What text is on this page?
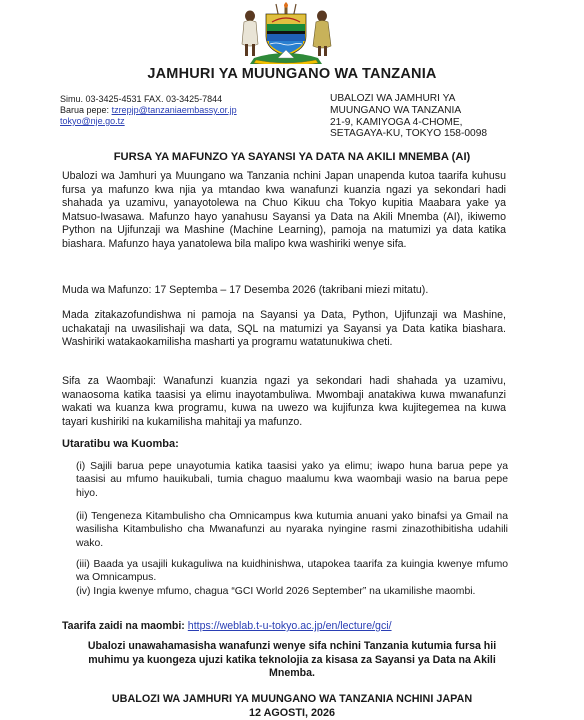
JAMHURI YA MUUNGANO WA TANZANIA
Simu. 03-3425-4531 FAX. 03-3425-7844
Barua pepe: tzrepjp@tanzaniaembassy.or.jp
tokyo@nje.go.tz
UBALOZI WA JAMHURI YA
MUUNGANO WA TANZANIA
21-9, KAMIYOGA 4-CHOME,
SETAGAYA-KU, TOKYO 158-0098
FURSA YA MAFUNZO YA SAYANSI YA DATA NA AKILI MNEMBA (AI)
Ubalozi wa Jamhuri ya Muungano wa Tanzania nchini Japan unapenda kutoa taarifa kuhusu fursa ya mafunzo kwa njia ya mtandao kwa wanafunzi kuanzia ngazi ya sekondari hadi shahada ya uzamivu, yanayotolewa na Chuo Kikuu cha Tokyo kupitia Maabara yake ya Matsuo-Iwasawa. Mafunzo hayo yanahusu Sayansi ya Data na Akili Mnemba (AI), ikiwemo Python na Ujifunzaji wa Mashine (Machine Learning), pamoja na matumizi ya data katika biashara. Mafunzo haya yanatolewa bila malipo kwa washiriki wenye sifa.
Muda wa Mafunzo: 17 Septemba – 17 Desemba 2026 (takribani miezi mitatu).
Mada zitakazofundishwa ni pamoja na Sayansi ya Data, Python, Ujifunzaji wa Mashine, uchakataji na uwasilishaji wa data, SQL na matumizi ya Sayansi ya Data katika biashara. Washiriki watakaokamilisha masharti ya programu watatunukiwa cheti.
Sifa za Waombaji: Wanafunzi kuanzia ngazi ya sekondari hadi shahada ya uzamivu, wanaosoma katika taasisi ya elimu inayotambuliwa. Mwombaji anatakiwa kuwa mwanafunzi wakati wa kuanza kwa programu, kuwa na uwezo wa kujifunza kwa kujitegemea na kuwa tayari kushiriki na kukamilisha mahitaji ya mafunzo.
Utaratibu wa Kuomba:
(i) Sajili barua pepe unayotumia katika taasisi yako ya elimu; iwapo huna barua pepe ya taasisi au mfumo hauikubali, tumia chaguo maalumu kwa waombaji wasio na barua pepe hiyo.
(ii) Tengeneza Kitambulisho cha Omnicampus kwa kutumia anuani yako binafsi ya Gmail na wasilisha Kitambulisho cha Mwanafunzi au nyaraka nyingine rasmi zinazothibitisha udahili wako.
(iii) Baada ya usajili kukaguliwa na kuidhinishwa, utapokea taarifa za kuingia kwenye mfumo wa Omnicampus.
(iv) Ingia kwenye mfumo, chagua “GCI World 2026 September” na ukamilishe maombi.
Taarifa zaidi na maombi: https://weblab.t-u-tokyo.ac.jp/en/lecture/gci/
Ubalozi unawahamasisha wanafunzi wenye sifa nchini Tanzania kutumia fursa hii muhimu ya kuongeza ujuzi katika teknolojia za kisasa za Sayansi ya Data na Akili Mnemba.
UBALOZI WA JAMHURI YA MUUNGANO WA TANZANIA NCHINI JAPAN
12 AGOSTI, 2026
